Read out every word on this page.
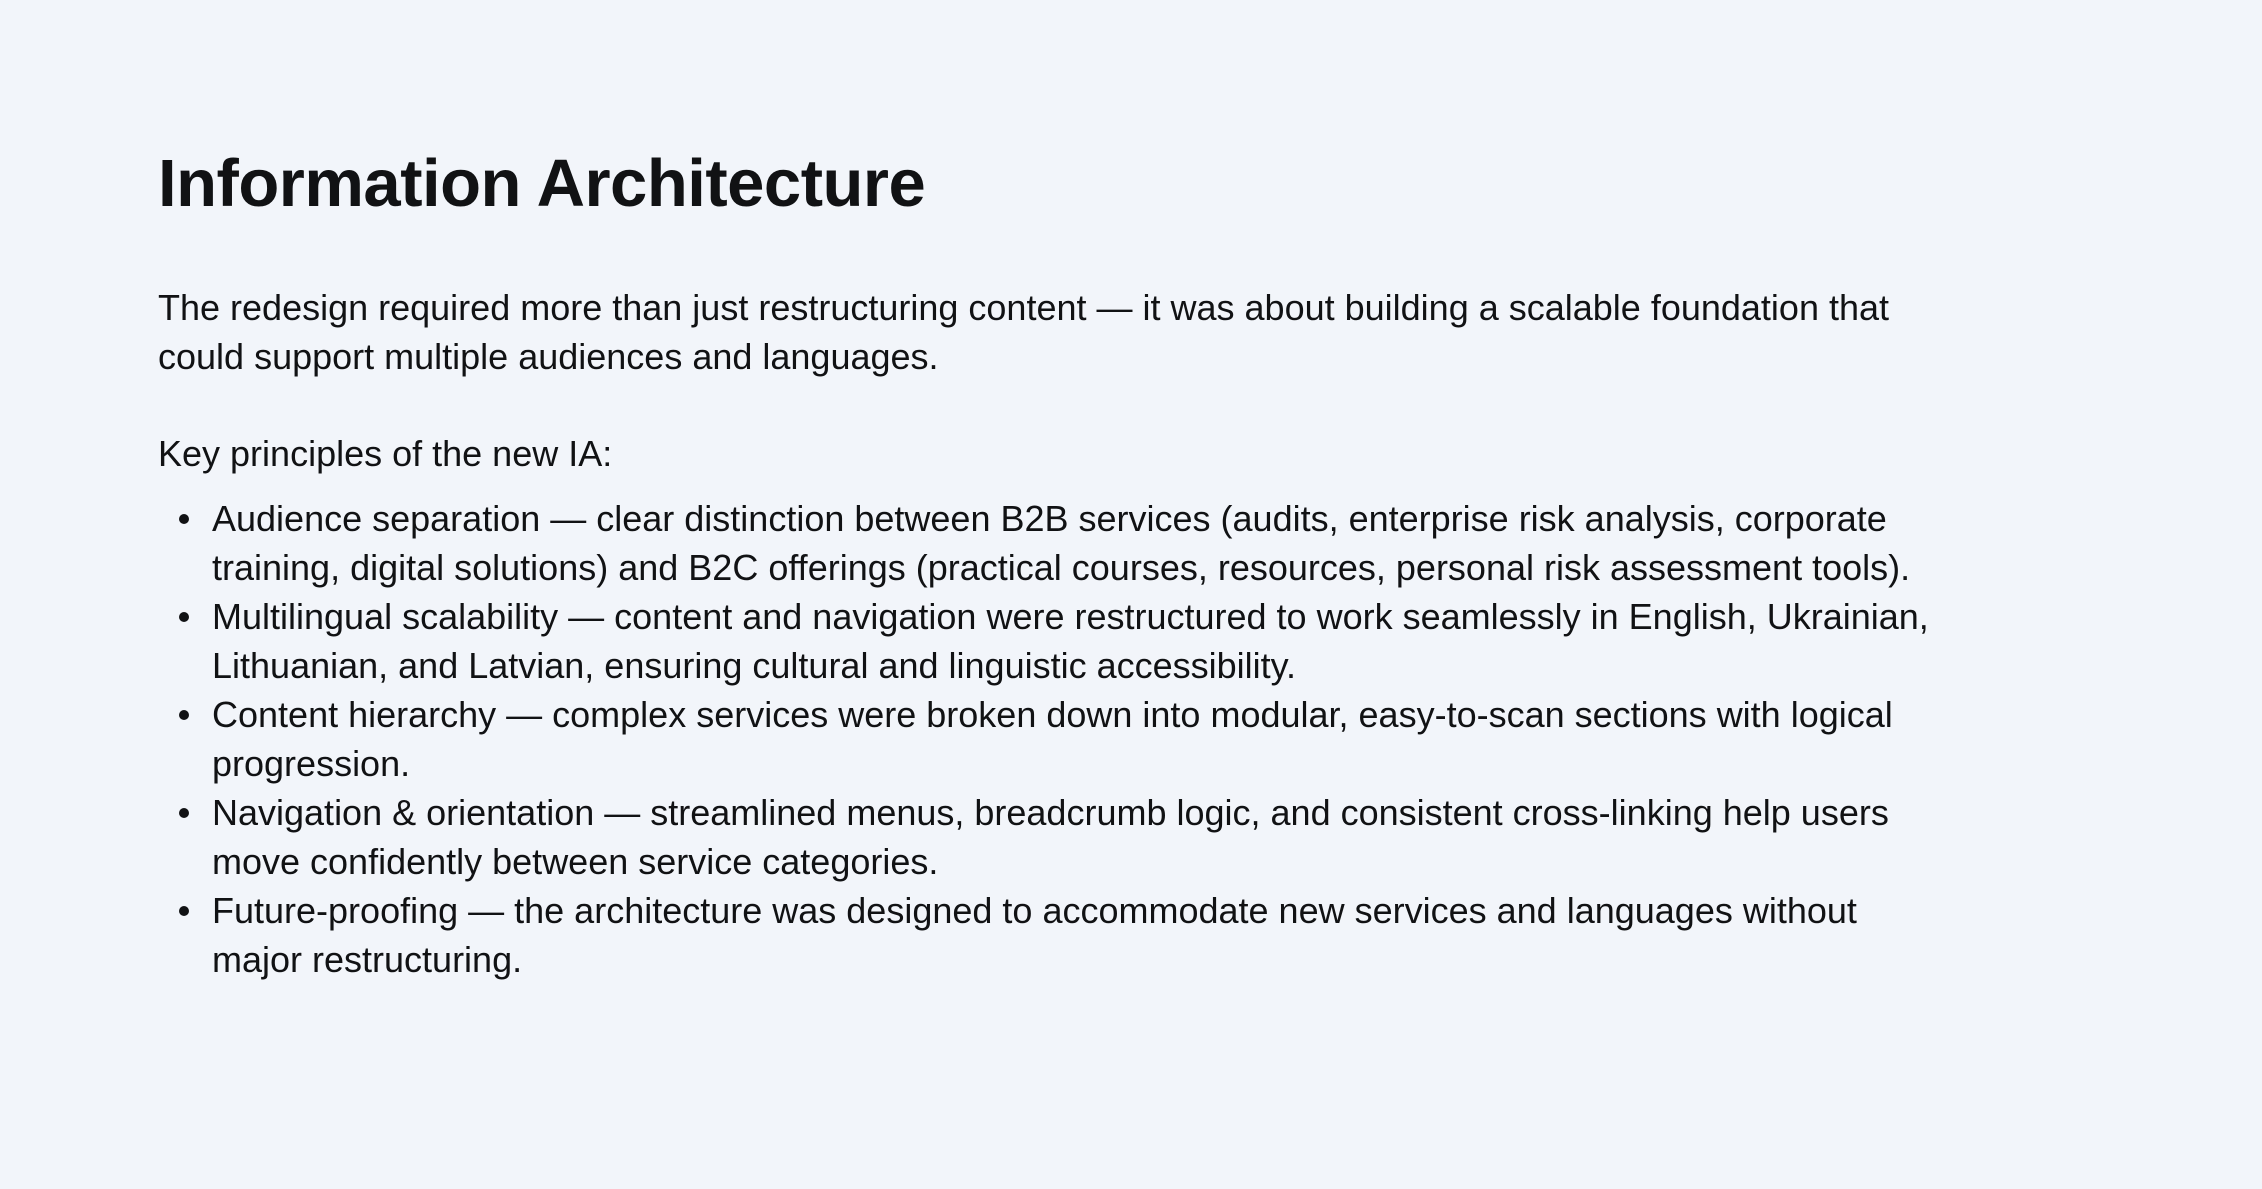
Information Architecture

The redesign required more than just restructuring content — it was about building a scalable foundation that
could support multiple audiences and languages.

Key principles of the new IA:

Audience separation — clear distinction between B2B services (audits, enterprise risk analysis, corporate
training, digital solutions) and B2C offerings (practical courses, resources, personal risk assessment tools).
Multilingual scalability — content and navigation were restructured to work seamlessly in English, Ukrainian,
Lithuanian, and Latvian, ensuring cultural and linguistic accessibility.
Content hierarchy — complex services were broken down into modular, easy-to-scan sections with logical
progression.
Navigation & orientation — streamlined menus, breadcrumb logic, and consistent cross-linking help users
move confidently between service categories.
Future-proofing — the architecture was designed to accommodate new services and languages without
major restructuring.
